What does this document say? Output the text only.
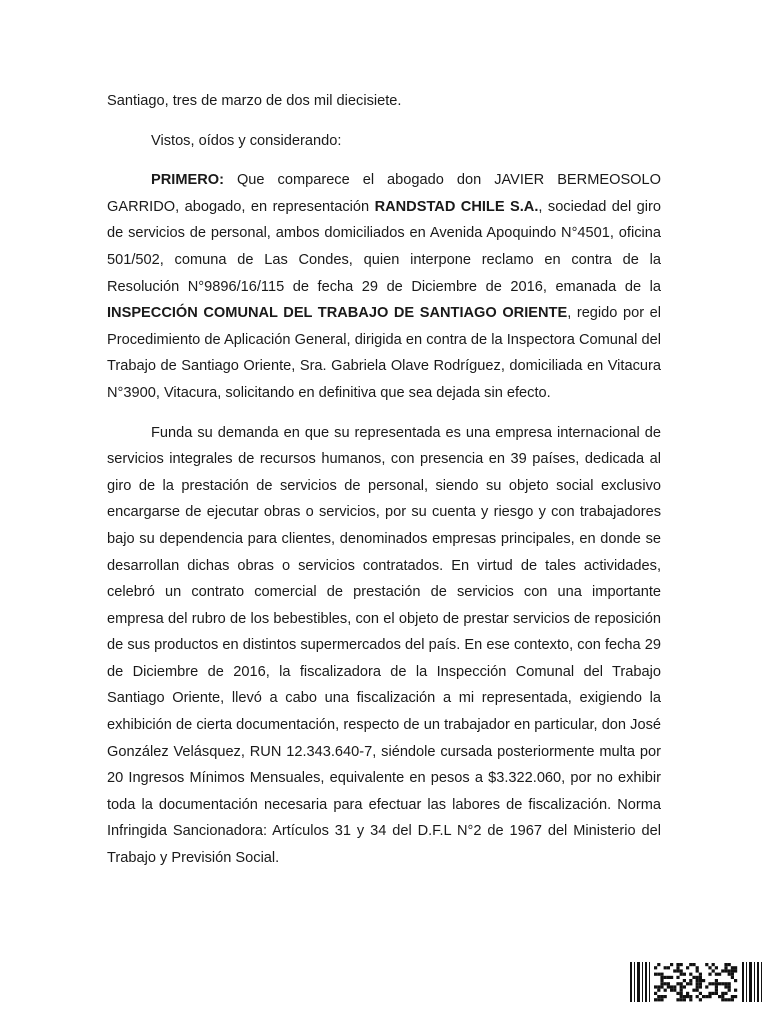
Santiago, tres de marzo de dos mil diecisiete.

Vistos, oídos y considerando:

PRIMERO: Que comparece el abogado don JAVIER BERMEOSOLO GARRIDO, abogado, en representación RANDSTAD CHILE S.A., sociedad del giro de servicios de personal, ambos domiciliados en Avenida Apoquindo N°4501, oficina 501/502, comuna de Las Condes, quien interpone reclamo en contra de la Resolución N°9896/16/115 de fecha 29 de Diciembre de 2016, emanada de la INSPECCIÓN COMUNAL DEL TRABAJO DE SANTIAGO ORIENTE, regido por el Procedimiento de Aplicación General, dirigida en contra de la Inspectora Comunal del Trabajo de Santiago Oriente, Sra. Gabriela Olave Rodríguez, domiciliada en Vitacura N°3900, Vitacura, solicitando en definitiva que sea dejada sin efecto.

Funda su demanda en que su representada es una empresa internacional de servicios integrales de recursos humanos, con presencia en 39 países, dedicada al giro de la prestación de servicios de personal, siendo su objeto social exclusivo encargarse de ejecutar obras o servicios, por su cuenta y riesgo y con trabajadores bajo su dependencia para clientes, denominados empresas principales, en donde se desarrollan dichas obras o servicios contratados. En virtud de tales actividades, celebró un contrato comercial de prestación de servicios con una importante empresa del rubro de los bebestibles, con el objeto de prestar servicios de reposición de sus productos en distintos supermercados del país. En ese contexto, con fecha 29 de Diciembre de 2016, la fiscalizadora de la Inspección Comunal del Trabajo Santiago Oriente, llevó a cabo una fiscalización a mi representada, exigiendo la exhibición de cierta documentación, respecto de un trabajador en particular, don José González Velásquez, RUN 12.343.640-7, siéndole cursada posteriormente multa por 20 Ingresos Mínimos Mensuales, equivalente en pesos a $3.322.060, por no exhibir toda la documentación necesaria para efectuar las labores de fiscalización. Norma Infringida Sancionadora: Artículos 31 y 34 del D.F.L N°2 de 1967 del Ministerio del Trabajo y Previsión Social.
